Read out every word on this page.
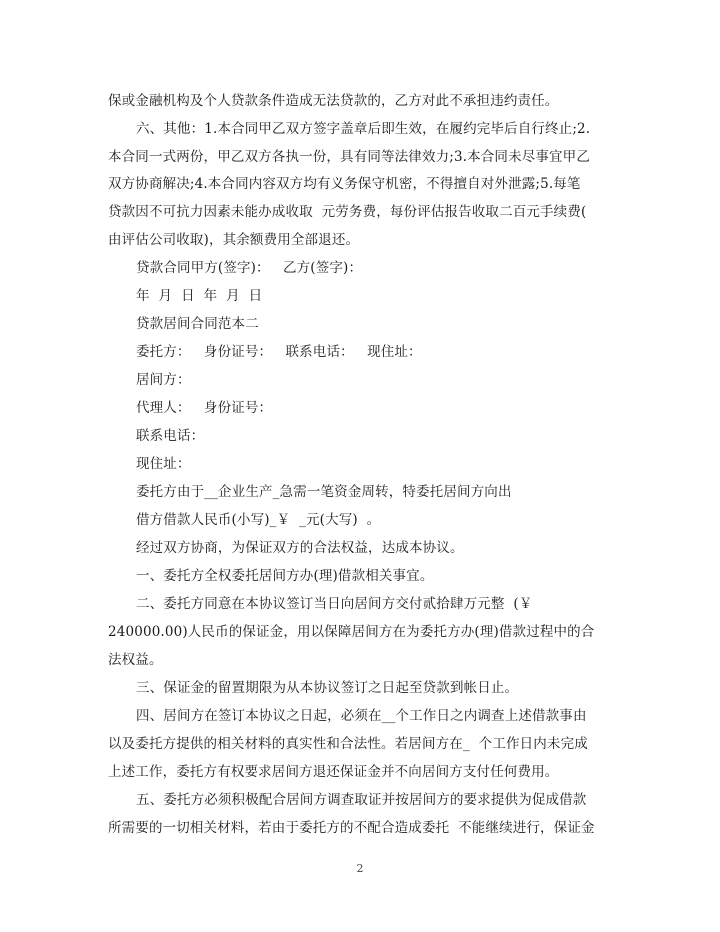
保或金融机构及个人贷款条件造成无法贷款的，乙方对此不承担违约责任。
六、其他：1.本合同甲乙双方签字盖章后即生效，在履约完毕后自行终止;2.
本合同一式两份，甲乙双方各执一份，具有同等法律效力;3.本合同未尽事宜甲乙
双方协商解决;4.本合同内容双方均有义务保守机密，不得擅自对外泄露;5.每笔
贷款因不可抗力因素未能办成收取  元劳务费，每份评估报告收取二百元手续费(
由评估公司收取)，其余额费用全部退还。
贷款合同甲方(签字)：   乙方(签字)：
年  月  日  年  月  日
贷款居间合同范本二
委托方：   身份证号：   联系电话：   现住址：
居间方：
代理人：   身份证号：
联系电话：
现住址：
委托方由于__企业生产_急需一笔资金周转，特委托居间方向出
借方借款人民币(小写)_￥  _元(大写)  。
经过双方协商，为保证双方的合法权益，达成本协议。
一、委托方全权委托居间方办(理)借款相关事宜。
二、委托方同意在本协议签订当日向居间方交付贰拾肆万元整  (￥
240000.00)人民币的保证金，用以保障居间方在为委托方办(理)借款过程中的合
法权益。
三、保证金的留置期限为从本协议签订之日起至贷款到帐日止。
四、居间方在签订本协议之日起，必须在__个工作日之内调查上述借款事由
以及委托方提供的相关材料的真实性和合法性。若居间方在_  个工作日内未完成
上述工作，委托方有权要求居间方退还保证金并不向居间方支付任何费用。
五、委托方必须积极配合居间方调查取证并按居间方的要求提供为促成借款
所需要的一切相关材料，若由于委托方的不配合造成委托  不能继续进行，保证金
2
